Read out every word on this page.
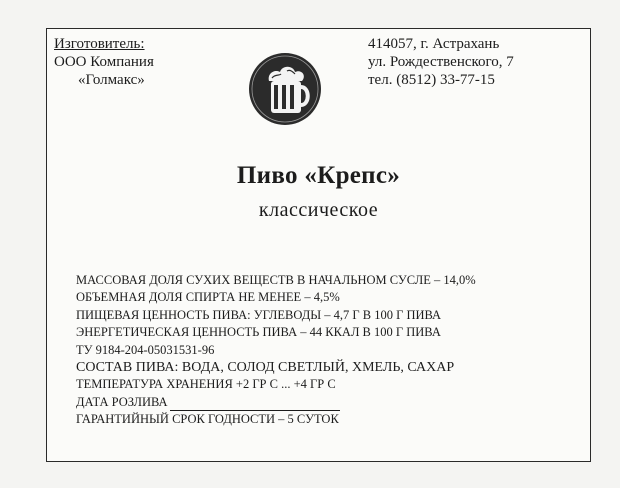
Изготовитель:
ООО Компания
«Голмакс»
414057, г. Астрахань
ул. Рождественского, 7
тел. (8512) 33-77-15
Пиво «Крепс»
классическое
МАССОВАЯ ДОЛЯ СУХИХ ВЕЩЕСТВ В НАЧАЛЬНОМ СУСЛЕ – 14,0%
ОБЪЕМНАЯ ДОЛЯ СПИРТА НЕ МЕНЕЕ – 4,5%
ПИЩЕВАЯ ЦЕННОСТЬ ПИВА: УГЛЕВОДЫ – 4,7 Г В 100 Г ПИВА
ЭНЕРГЕТИЧЕСКАЯ ЦЕННОСТЬ ПИВА – 44 ККАЛ В 100 Г ПИВА
ТУ 9184-204-05031531-96
СОСТАВ ПИВА: ВОДА, СОЛОД СВЕТЛЫЙ, ХМЕЛЬ, САХАР
ТЕМПЕРАТУРА ХРАНЕНИЯ +2 ГР С ... +4 ГР С
ДАТА РОЗЛИВА
ГАРАНТИЙНЫЙ СРОК ГОДНОСТИ – 5 СУТОК
